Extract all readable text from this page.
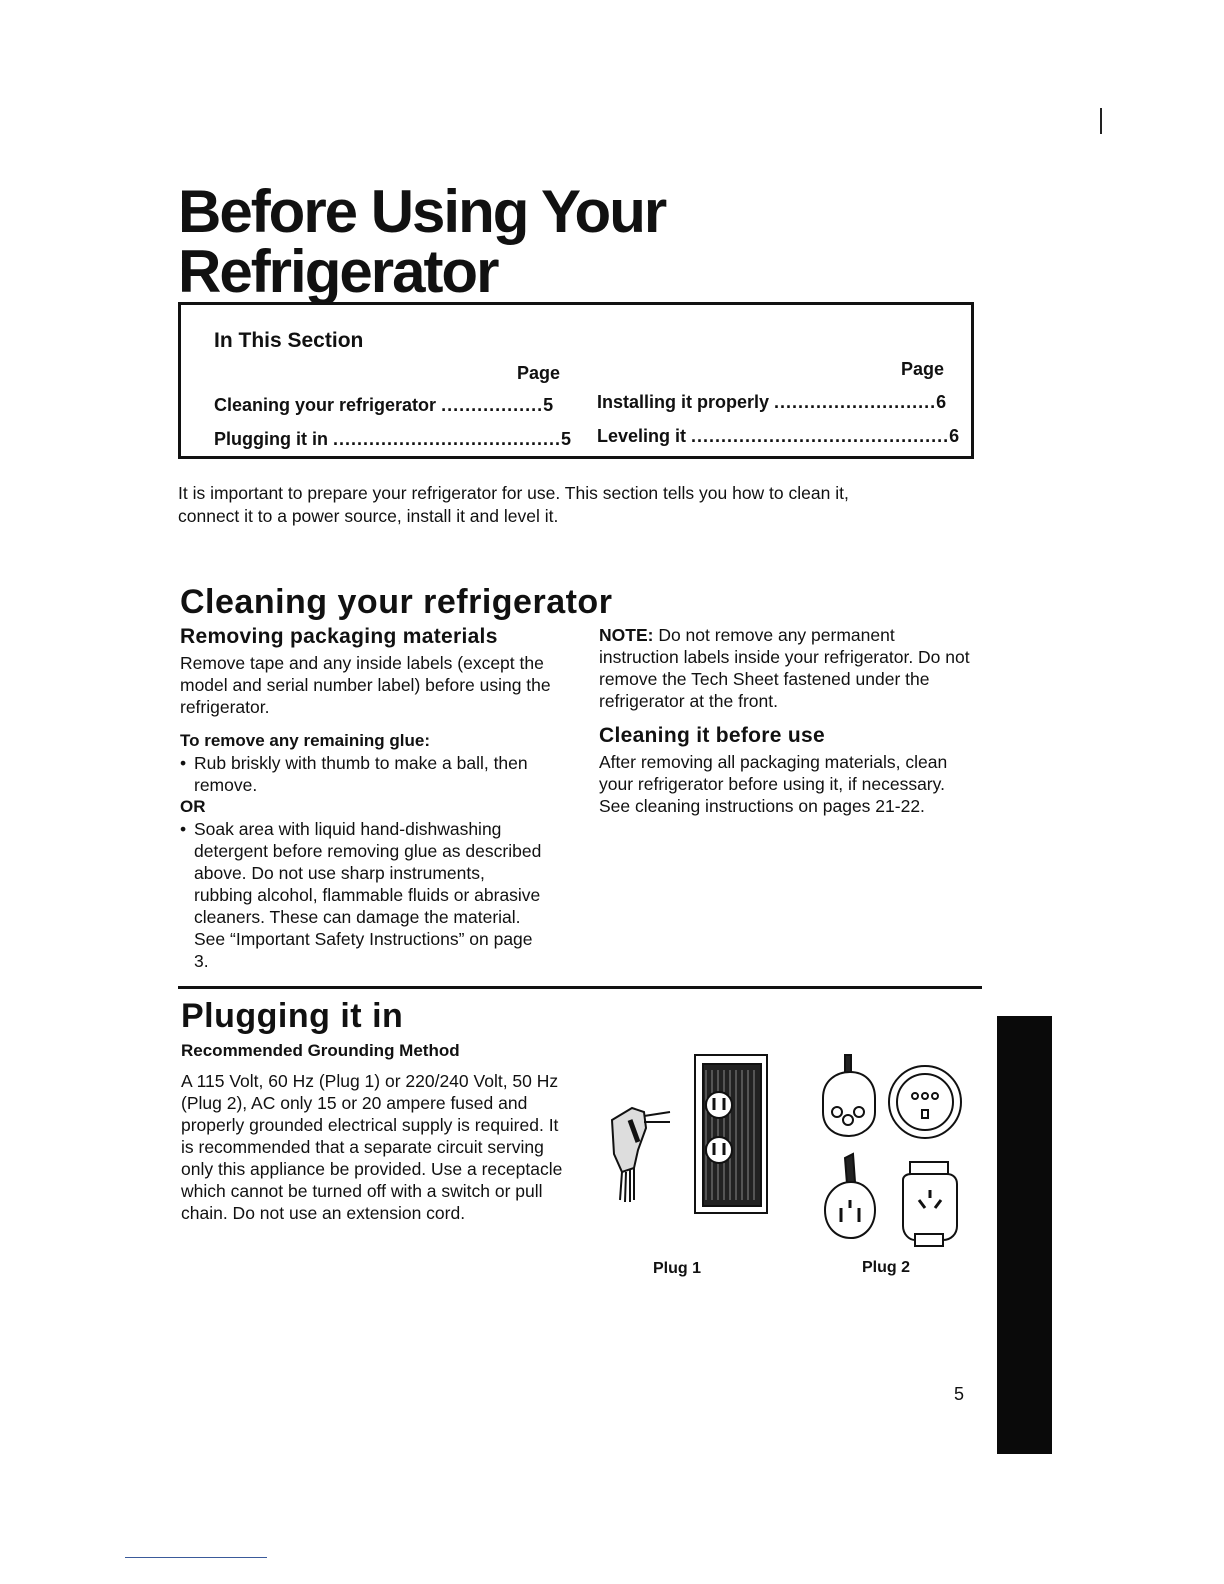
Before Using Your
Refrigerator
In This Section
Page	Page
Cleaning your refrigerator .................5
Plugging it in ......................................5
Installing it properly ...........................6
Leveling it ...........................................6
It is important to prepare your refrigerator for use. This section tells you how to clean it,
connect it to a power source, install it and level it.
Cleaning your refrigerator
Removing packaging materials

Remove tape and any inside labels (except the model and serial number label) before using the refrigerator.

To remove any remaining glue:

• Rub briskly with thumb to make a ball, then remove.

OR

• Soak area with liquid hand-dishwashing detergent before removing glue as described above. Do not use sharp instruments, rubbing alcohol, flammable fluids or abrasive cleaners. These can damage the material. See “Important Safety Instructions” on page 3.

NOTE: Do not remove any permanent instruction labels inside your refrigerator. Do not remove the Tech Sheet fastened under the refrigerator at the front.

Cleaning it before use

After removing all packaging materials, clean your refrigerator before using it, if necessary. See cleaning instructions on pages 21-22.

Plugging it in

Recommended Grounding Method

A 115 Volt, 60 Hz (Plug 1) or 220/240 Volt, 50 Hz (Plug 2), AC only 15 or 20 ampere fused and properly grounded electrical supply is required. It is recommended that a separate circuit serving only this appliance be provided. Use a receptacle which cannot be turned off with a switch or pull chain. Do not use an extension cord.

Plug 1	Plug 2
5
